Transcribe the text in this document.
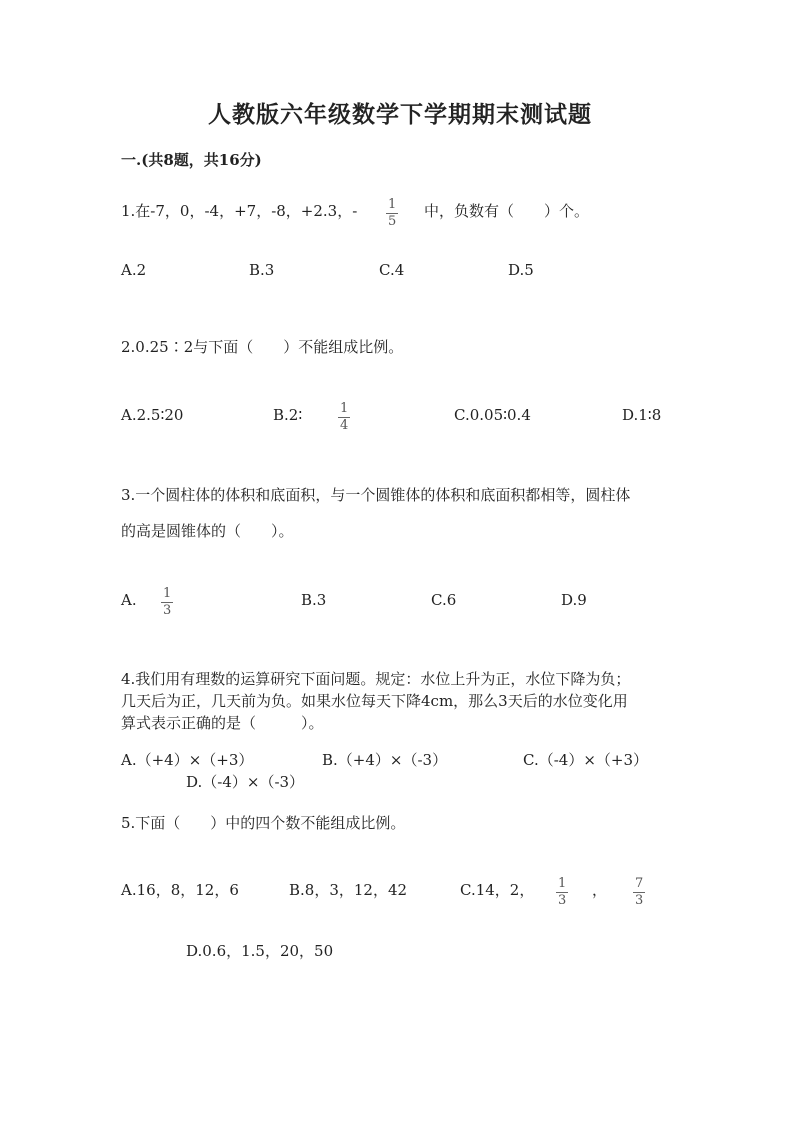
人教版六年级数学下学期期末测试题
一.(共8题，共16分)
1.在-7，0，-4，+7，-8，+2.3，- $\frac{1}{5}$ 中，负数有（　　）个。
A.2	B.3	C.4	D.5
2.0.25∶2与下面（　　）不能组成比例。
A.2.5∶20	B.2∶	$\frac{1}{4}$	C.0.05∶0.4	D.1∶8
3.一个圆柱体的体积和底面积，与一个圆锥体的体积和底面积都相等，圆柱体
的高是圆锥体的（　　）。
A. $\frac{1}{3}$	B.3	C.6	D.9
4.我们用有理数的运算研究下面问题。规定：水位上升为正，水位下降为负；
几天后为正，几天前为负。如果水位每天下降4cm，那么3天后的水位变化用
算式表示正确的是（　　　）。
A.（+4）×（+3）	B.（+4）×（-3）	C.（-4）×（+3）
D.（-4）×（-3）
5.下面（　　）中的四个数不能组成比例。
A.16，8，12，6	B.8，3，12，42	C.14，2， $\frac{1}{3}$ ， $\frac{7}{3}$
D.0.6，1.5，20，50
